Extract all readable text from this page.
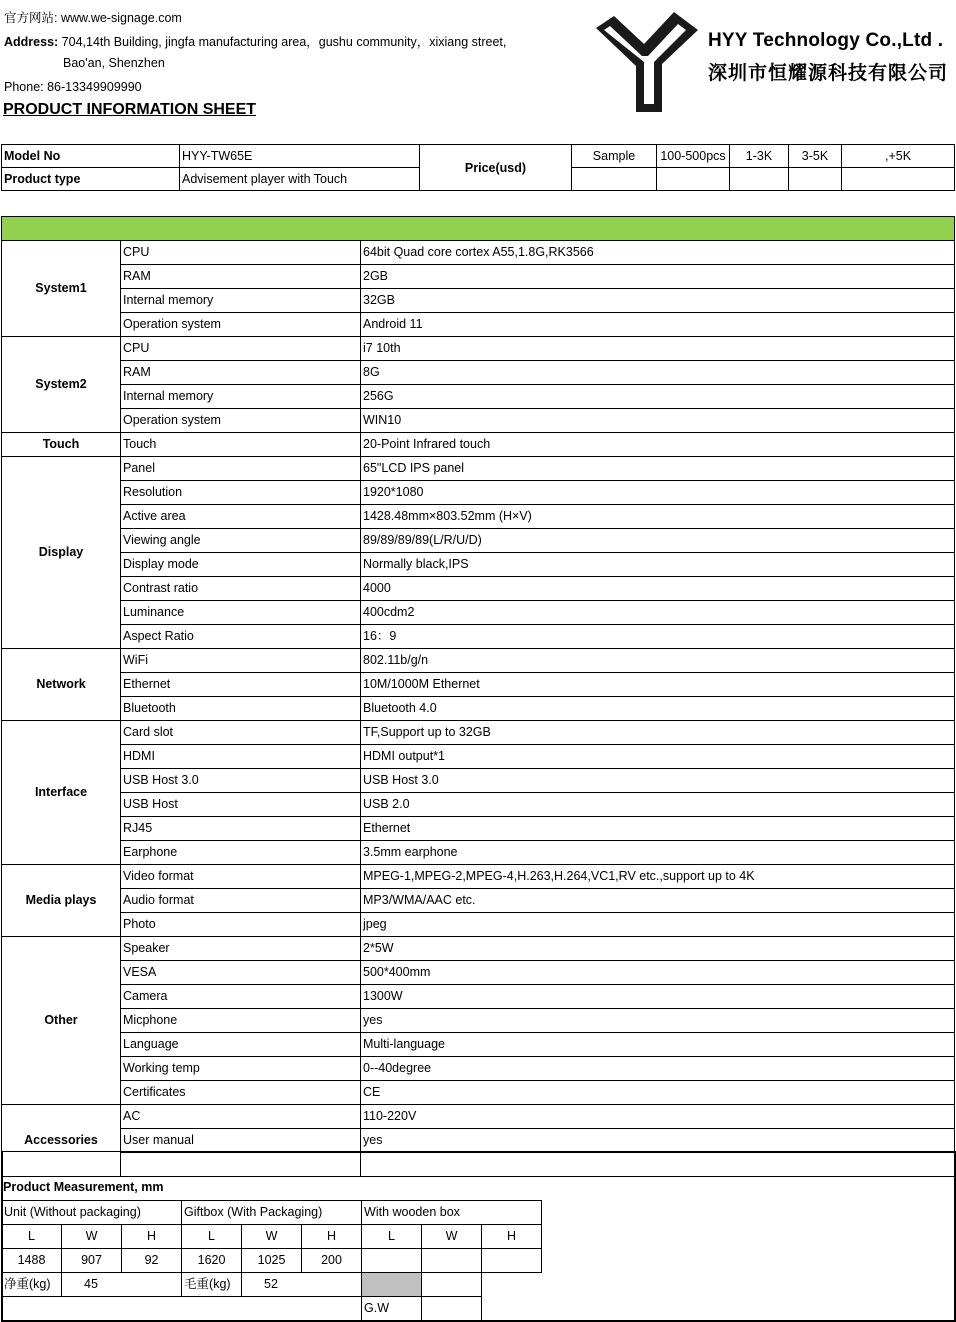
官方网站: www.we-signage.com
Address: 704,14th Building, jingfa manufacturing area，gushu community，xixiang street,
Bao'an, Shenzhen
Phone: 86-13349909990
PRODUCT INFORMATION SHEET
HYY Technology Co.,Ltd .
深圳市恒耀源科技有限公司
Model No	HYY-TW65E	Price(usd)	Sample	100-500pcs	1-3K	3-5K	,+5K
Product type	Advisement player with Touch						

System1	CPU	64bit Quad core cortex A55,1.8G,RK3566
	RAM	2GB
	Internal memory	32GB
	Operation system	Android 11
System2	CPU	i7 10th
	RAM	8G
	Internal memory	256G
	Operation system	WIN10
Touch	Touch	20-Point Infrared touch
Display	Panel	65"LCD IPS panel
	Resolution	1920*1080
	Active area	1428.48mm×803.52mm (H×V)
	Viewing angle	89/89/89/89(L/R/U/D)
	Display mode	Normally black,IPS
	Contrast ratio	4000
	Luminance	400cdm2
	Aspect Ratio	16：9
Network	WiFi	802.11b/g/n
	Ethernet	10M/1000M Ethernet
	Bluetooth	Bluetooth 4.0
Interface	Card slot	TF,Support up to 32GB
	HDMI	HDMI output*1
	USB Host 3.0	USB Host 3.0
	USB Host	USB 2.0
	RJ45	Ethernet
	Earphone	3.5mm earphone
Media plays	Video format	MPEG-1,MPEG-2,MPEG-4,H.263,H.264,VC1,RV etc.,support up to 4K
	Audio format	MP3/WMA/AAC etc.
	Photo	jpeg
Other	Speaker	2*5W
	VESA	500*400mm
	Camera	1300W
	Micphone	yes
	Language	Multi-language
	Working temp	0--40degree
	Certificates	CE
Accessories	AC	110-220V
	User manual	yes

Product Measurement, mm
Unit (Without packaging)			Giftbox (With Packaging)			With wooden box		
L	W	H	L	W	H	L	W	H
1488	907	92	1620	1025	200			
净重(kg)	45		毛重(kg)	52				
						G.W		
